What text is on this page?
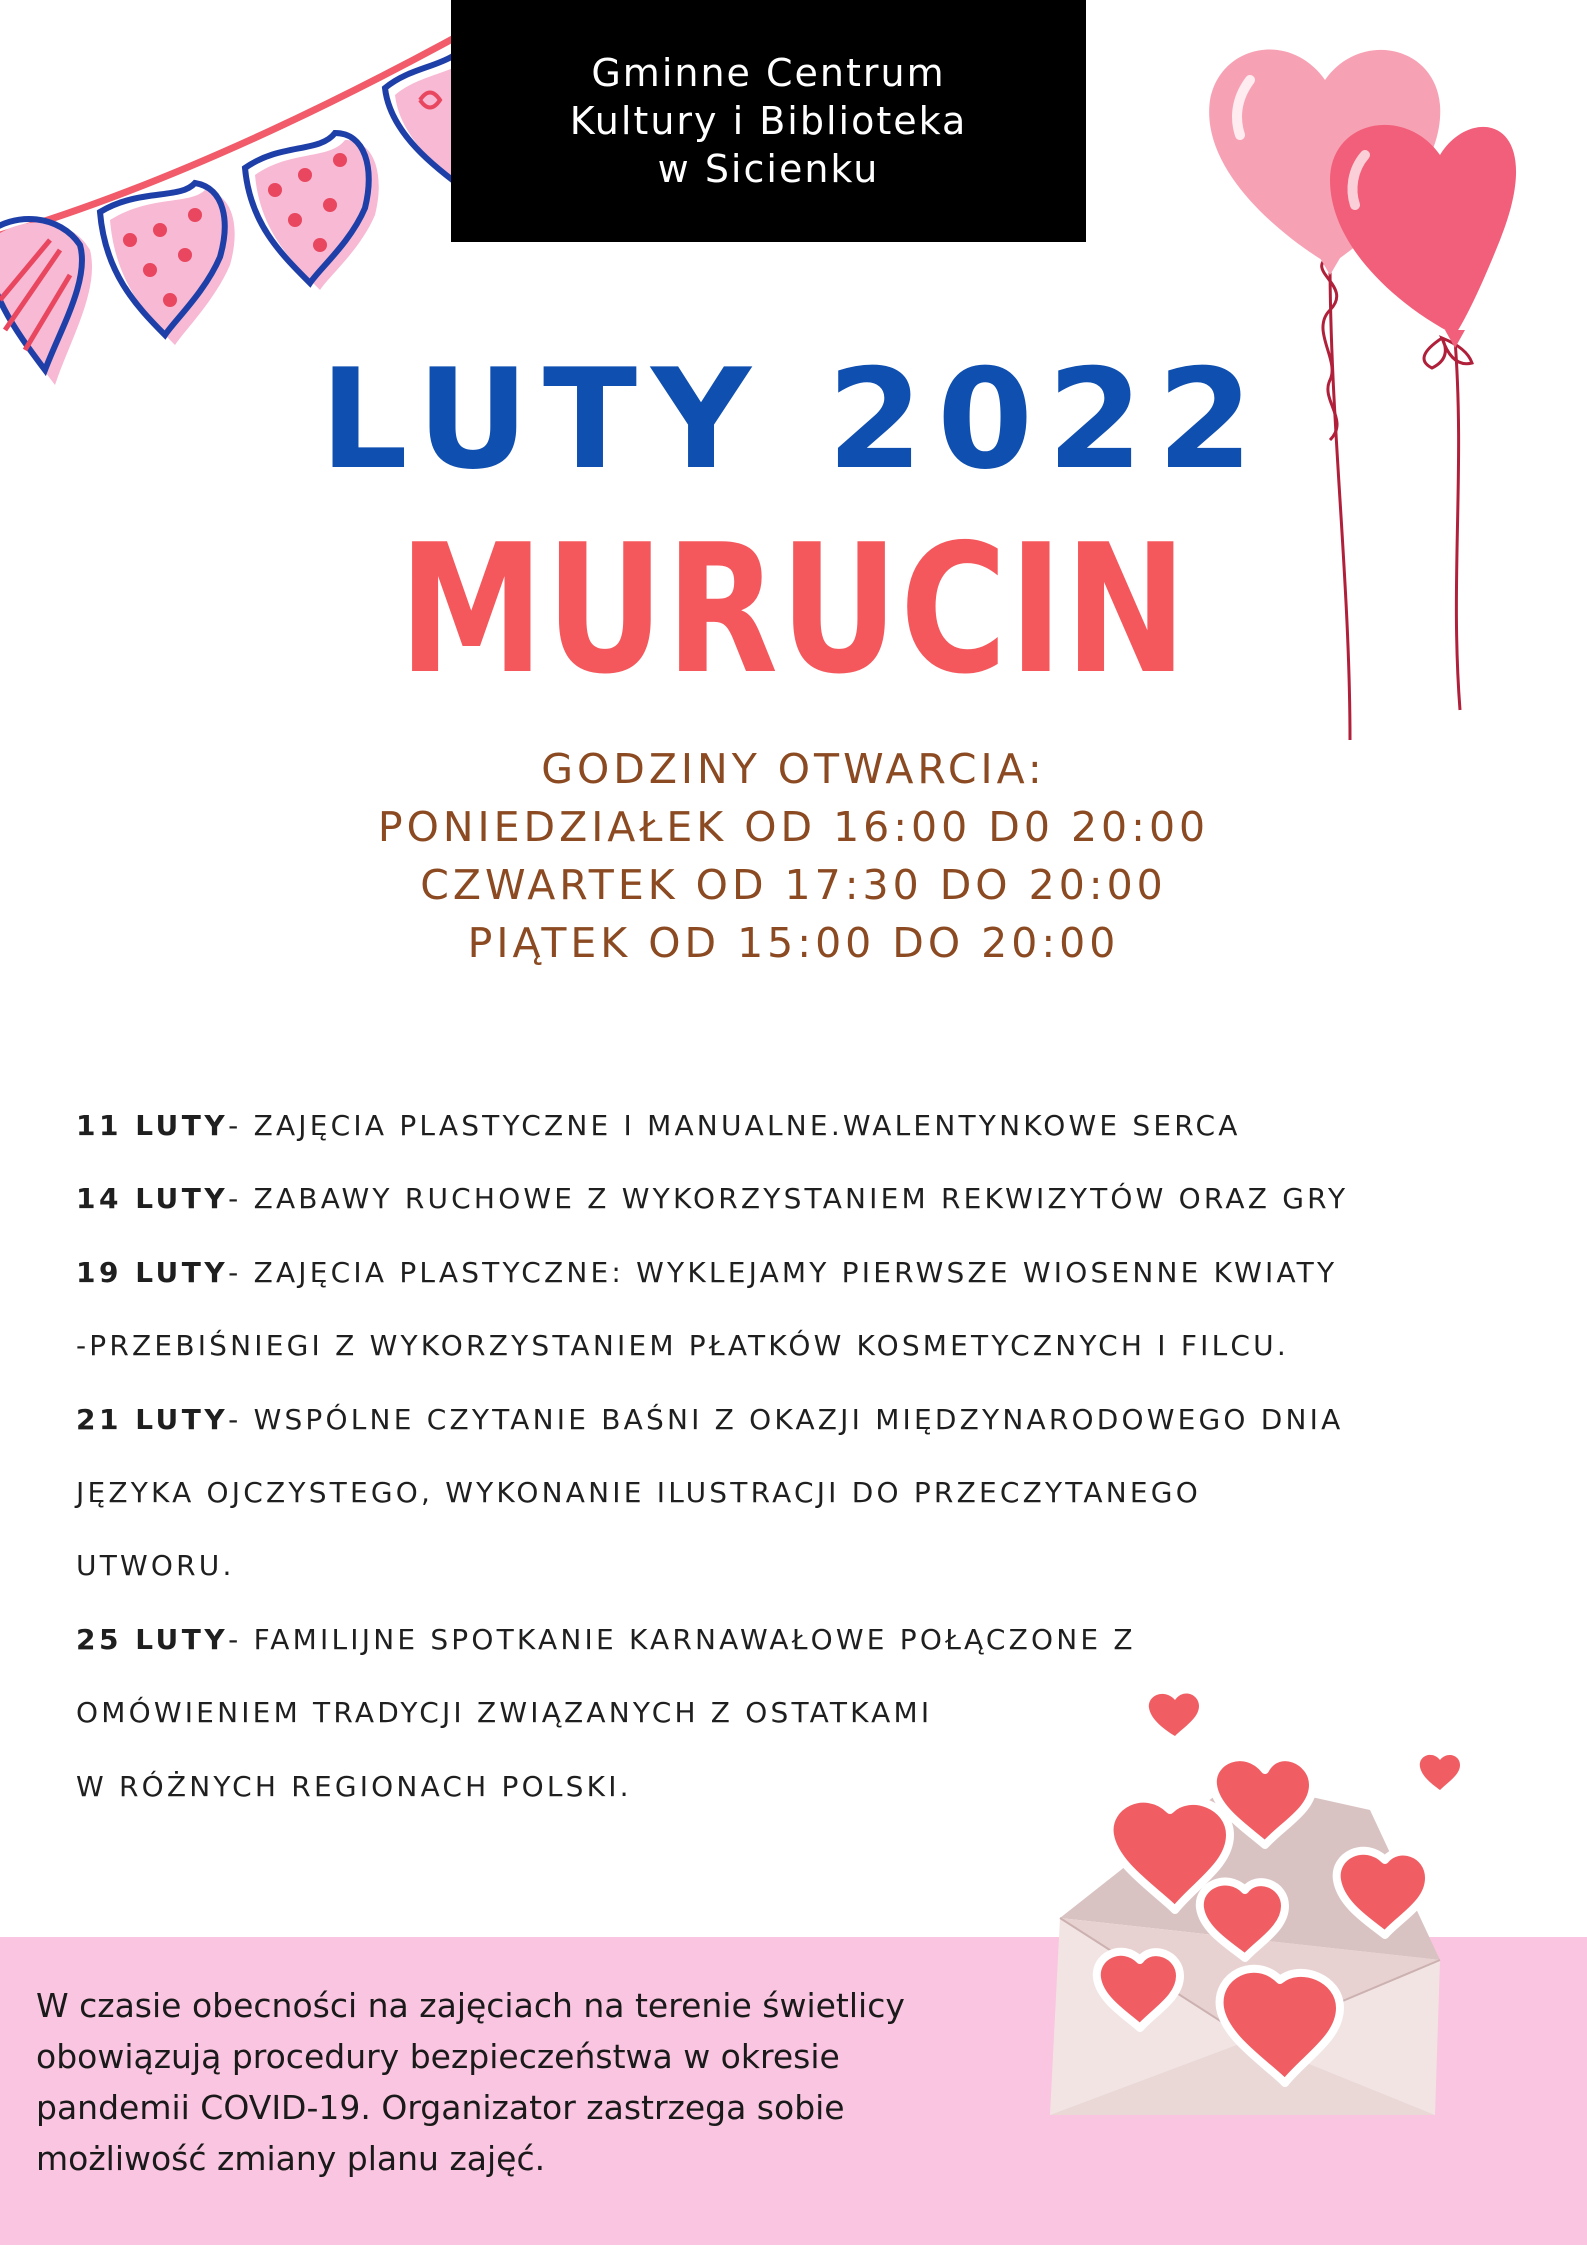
Gminne Centrum
Kultury i Biblioteka
w Sicienku
LUTY 2022
MURUCIN
GODZINY OTWARCIA:
PONIEDZIAŁEK OD 16:00 D0 20:00
CZWARTEK OD 17:30 DO 20:00
PIĄTEK OD 15:00 DO 20:00
11 LUTY- ZAJĘCIA PLASTYCZNE I MANUALNE.WALENTYNKOWE SERCA
14 LUTY- ZABAWY RUCHOWE Z WYKORZYSTANIEM REKWIZYTÓW ORAZ GRY
19 LUTY- ZAJĘCIA PLASTYCZNE: WYKLEJAMY PIERWSZE WIOSENNE KWIATY
-PRZEBIŚNIEGI Z WYKORZYSTANIEM PŁATKÓW KOSMETYCZNYCH I FILCU.
21 LUTY- WSPÓLNE CZYTANIE BAŚNI Z OKAZJI MIĘDZYNARODOWEGO DNIA
JĘZYKA OJCZYSTEGO, WYKONANIE ILUSTRACJI DO PRZECZYTANEGO
UTWORU.
25 LUTY- FAMILIJNE SPOTKANIE KARNAWAŁOWE POŁĄCZONE Z
OMÓWIENIEM TRADYCJI ZWIĄZANYCH Z OSTATKAMI
W RÓŻNYCH REGIONACH POLSKI.
W czasie obecności na zajęciach na terenie świetlicy
obowiązują procedury bezpieczeństwa w okresie
pandemii COVID-19. Organizator zastrzega sobie
możliwość zmiany planu zajęć.
